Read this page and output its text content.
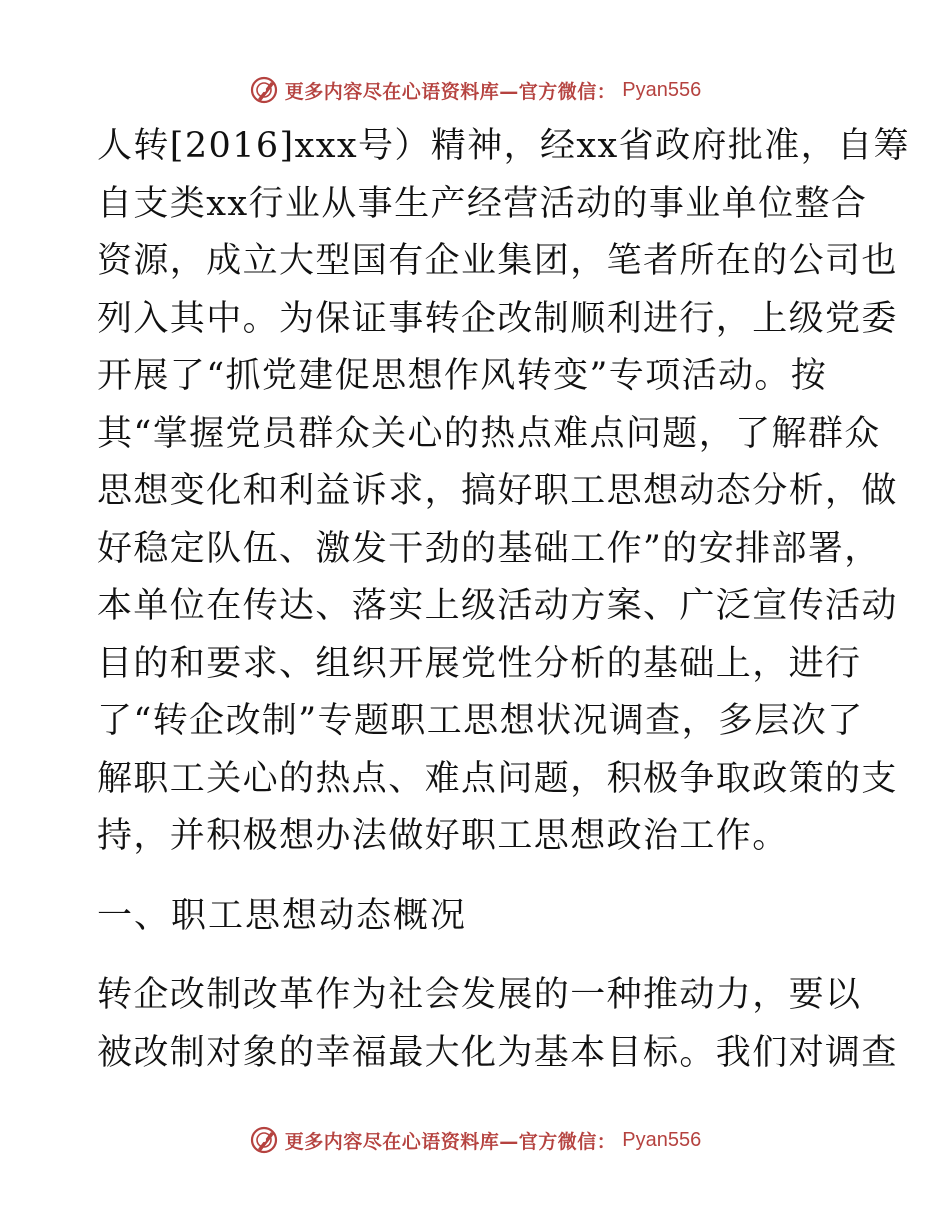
更多内容尽在心语资料库—官方微信： Pyan556
人转[2016]xxx号）精神，经xx省政府批准，自筹
自支类xx行业从事生产经营活动的事业单位整合
资源，成立大型国有企业集团，笔者所在的公司也
列入其中。为保证事转企改制顺利进行，上级党委
开展了“抓党建促思想作风转变”专项活动。按
其“掌握党员群众关心的热点难点问题，了解群众
思想变化和利益诉求，搞好职工思想动态分析，做
好稳定队伍、激发干劲的基础工作”的安排部署，
本单位在传达、落实上级活动方案、广泛宣传活动
目的和要求、组织开展党性分析的基础上，进行
了“转企改制”专题职工思想状况调查，多层次了
解职工关心的热点、难点问题，积极争取政策的支
持，并积极想办法做好职工思想政治工作。
一、职工思想动态概况
转企改制改革作为社会发展的一种推动力，要以
被改制对象的幸福最大化为基本目标。我们对调查
更多内容尽在心语资料库—官方微信： Pyan556
